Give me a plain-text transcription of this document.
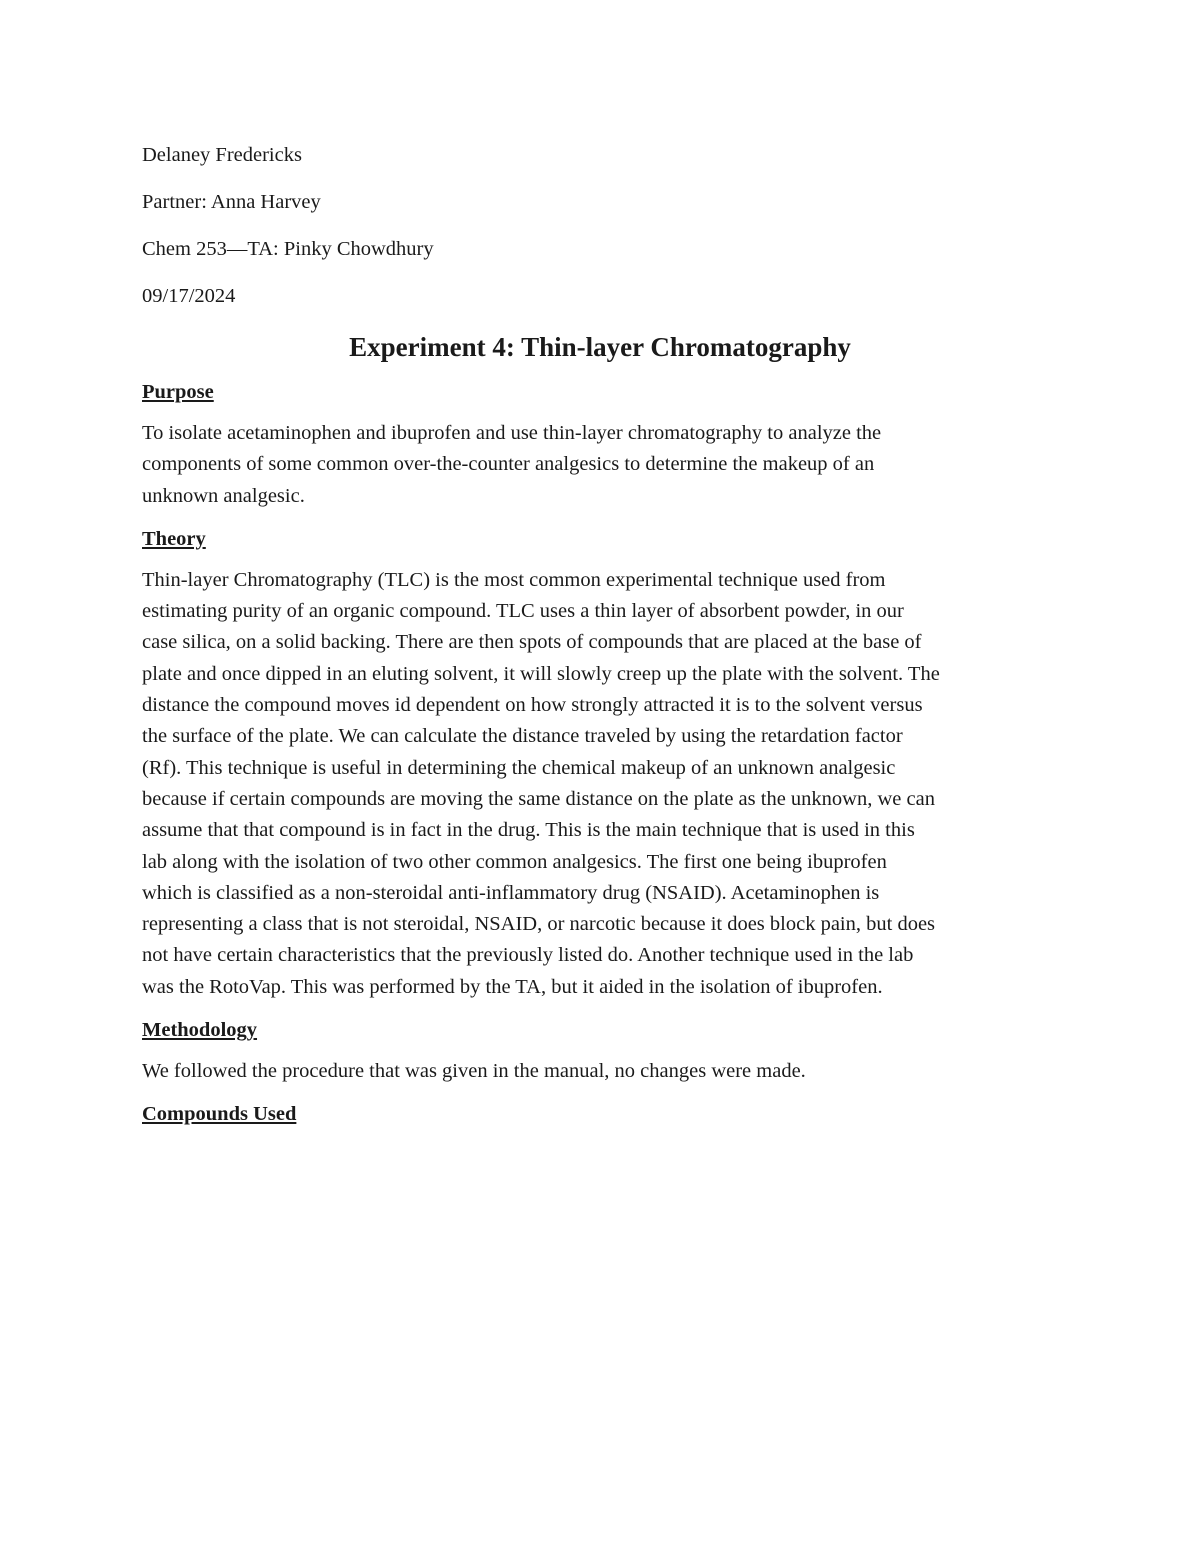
Delaney Fredericks
Partner: Anna Harvey
Chem 253—TA: Pinky Chowdhury
09/17/2024
Experiment 4: Thin-layer Chromatography
Purpose
To isolate acetaminophen and ibuprofen and use thin-layer chromatography to analyze the
components of some common over-the-counter analgesics to determine the makeup of an
unknown analgesic.
Theory
Thin-layer Chromatography (TLC) is the most common experimental technique used from
estimating purity of an organic compound. TLC uses a thin layer of absorbent powder, in our
case silica, on a solid backing. There are then spots of compounds that are placed at the base of
plate and once dipped in an eluting solvent, it will slowly creep up the plate with the solvent. The
distance the compound moves id dependent on how strongly attracted it is to the solvent versus
the surface of the plate. We can calculate the distance traveled by using the retardation factor
(Rf). This technique is useful in determining the chemical makeup of an unknown analgesic
because if certain compounds are moving the same distance on the plate as the unknown, we can
assume that that compound is in fact in the drug. This is the main technique that is used in this
lab along with the isolation of two other common analgesics. The first one being ibuprofen
which is classified as a non-steroidal anti-inflammatory drug (NSAID). Acetaminophen is
representing a class that is not steroidal, NSAID, or narcotic because it does block pain, but does
not have certain characteristics that the previously listed do. Another technique used in the lab
was the RotoVap. This was performed by the TA, but it aided in the isolation of ibuprofen.
Methodology
We followed the procedure that was given in the manual, no changes were made.
Compounds Used
